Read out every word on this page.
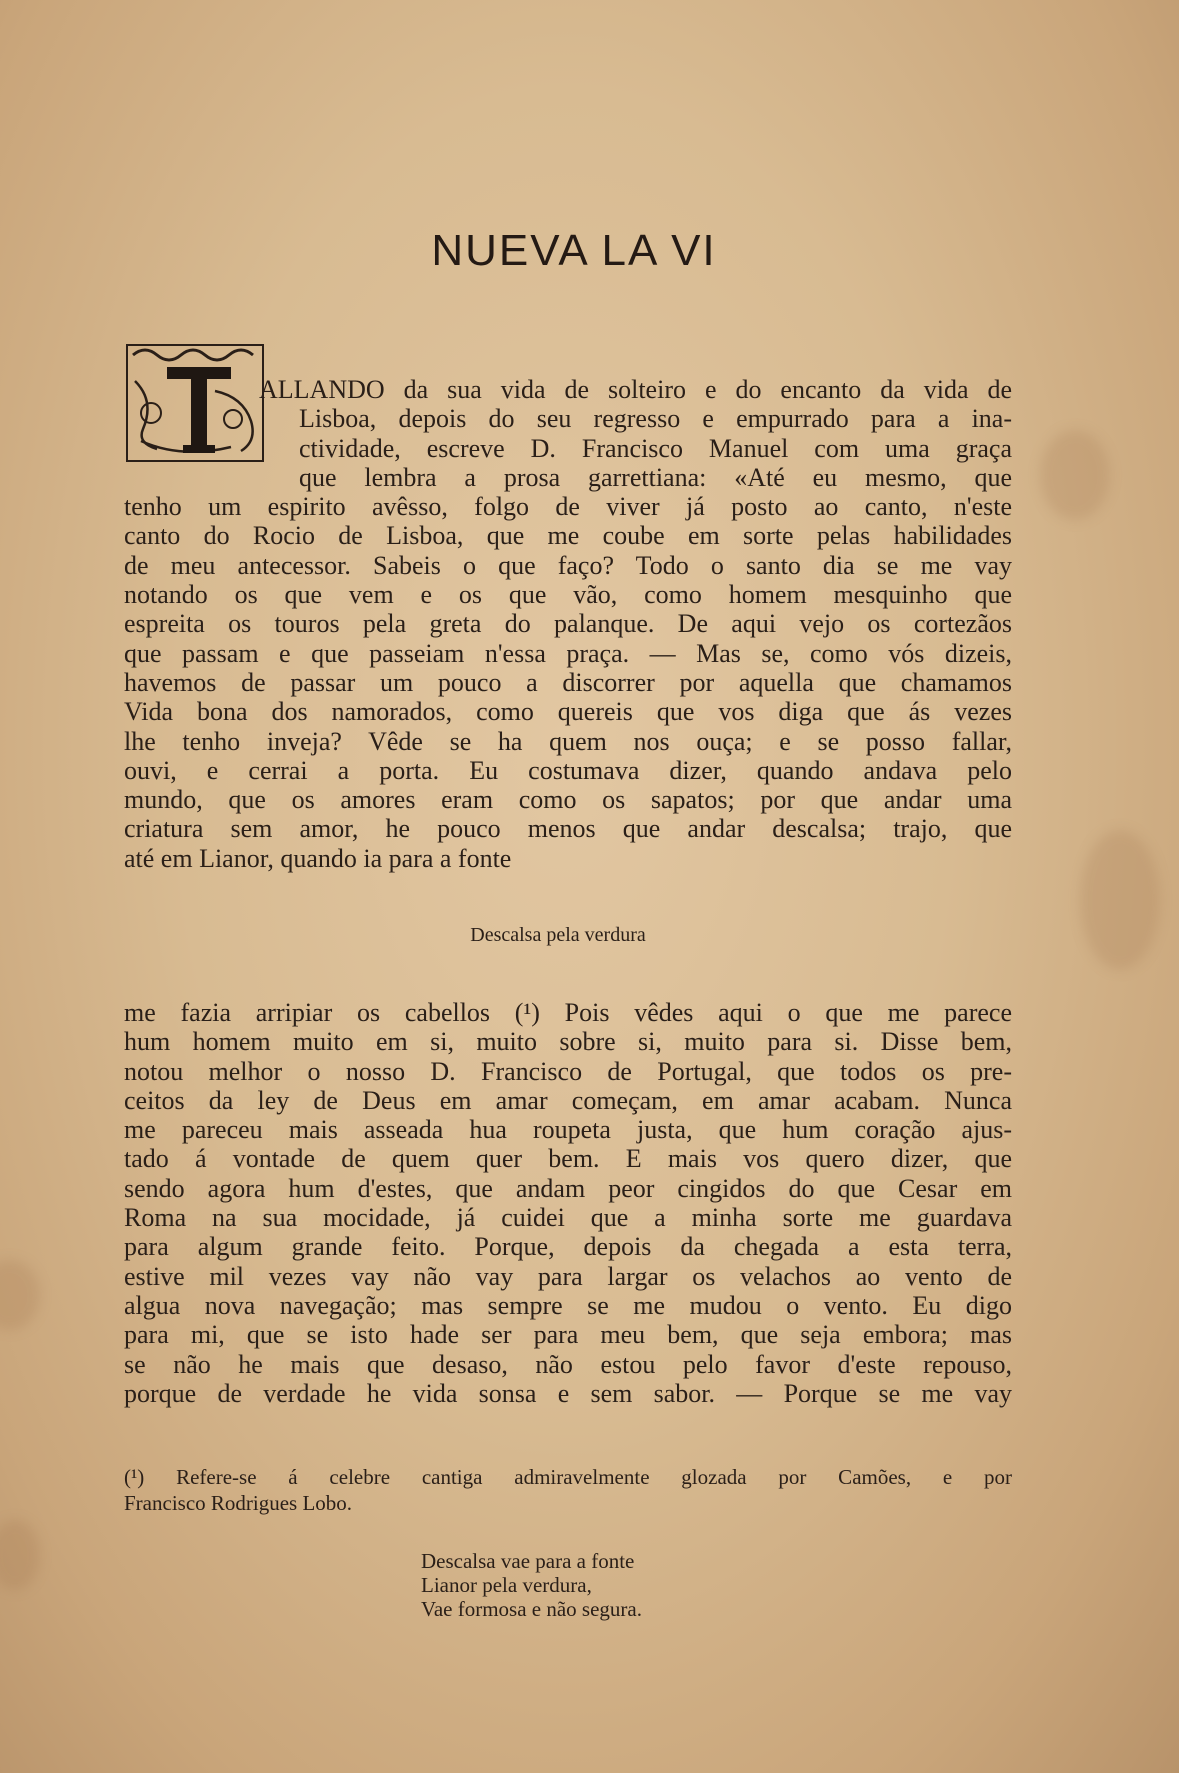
NUEVA LA VI
ALLANDO da sua vida de solteiro e do encanto da vida de
Lisboa, depois do seu regresso e empurrado para a ina-
ctividade, escreve D. Francisco Manuel com uma graça
que lembra a prosa garrettiana: «Até eu mesmo, que
tenho um espirito avêsso, folgo de viver já posto ao canto, n'este
canto do Rocio de Lisboa, que me coube em sorte pelas habilidades
de meu antecessor. Sabeis o que faço? Todo o santo dia se me vay
notando os que vem e os que vão, como homem mesquinho que
espreita os touros pela greta do palanque. De aqui vejo os cortezãos
que passam e que passeiam n'essa praça. — Mas se, como vós dizeis,
havemos de passar um pouco a discorrer por aquella que chamamos
Vida bona dos namorados, como quereis que vos diga que ás vezes
lhe tenho inveja? Vêde se ha quem nos ouça; e se posso fallar,
ouvi, e cerrai a porta. Eu costumava dizer, quando andava pelo
mundo, que os amores eram como os sapatos; por que andar uma
criatura sem amor, he pouco menos que andar descalsa; trajo, que
até em Lianor, quando ia para a fonte

Descalsa pela verdura

me fazia arripiar os cabellos (¹) Pois vêdes aqui o que me parece
hum homem muito em si, muito sobre si, muito para si. Disse bem,
notou melhor o nosso D. Francisco de Portugal, que todos os pre-
ceitos da ley de Deus em amar começam, em amar acabam. Nunca
me pareceu mais asseada hua roupeta justa, que hum coração ajus-
tado á vontade de quem quer bem. E mais vos quero dizer, que
sendo agora hum d'estes, que andam peor cingidos do que Cesar em
Roma na sua mocidade, já cuidei que a minha sorte me guardava
para algum grande feito. Porque, depois da chegada a esta terra,
estive mil vezes vay não vay para largar os velachos ao vento de
algua nova navegação; mas sempre se me mudou o vento. Eu digo
para mi, que se isto hade ser para meu bem, que seja embora; mas
se não he mais que desaso, não estou pelo favor d'este repouso,
porque de verdade he vida sonsa e sem sabor. — Porque se me vay
(¹) Refere-se á celebre cantiga admiravelmente glozada por Camões, e por
Francisco Rodrigues Lobo.
Descalsa vae para a fonte
Lianor pela verdura,
Vae formosa e não segura.
